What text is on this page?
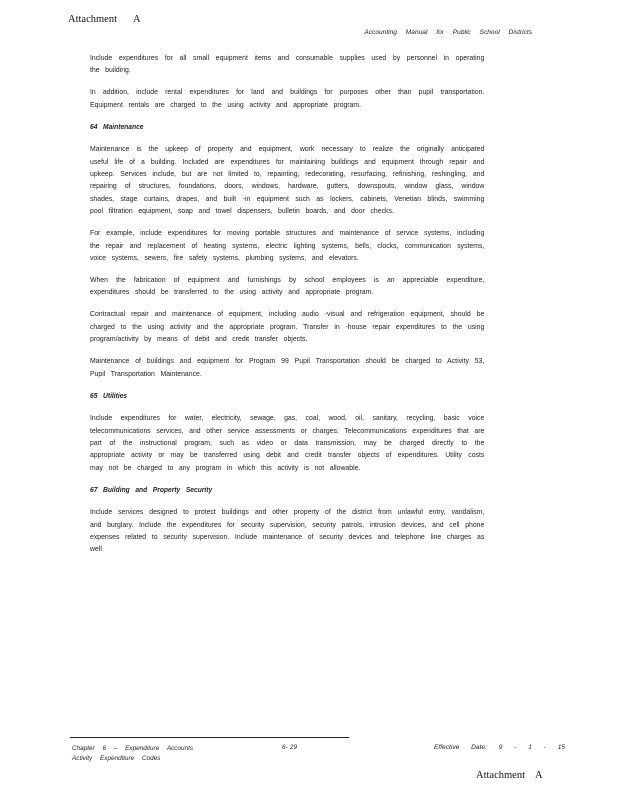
Attachment A
Accounting Manual for Public School Districts

Include expenditures for all small equipment items and consumable supplies used by personnel in operating the building.

In addition, include rental expenditures for land and buildings for purposes other than pupil transportation. Equipment rentals are charged to the using activity and appropriate program.

64 Maintenance

Maintenance is the upkeep of property and equipment, work necessary to realize the originally anticipated useful life of a building. Included are expenditures for maintaining buildings and equipment through repair and upkeep. Services include, but are not limited to, repainting, redecorating, resurfacing, refinishing, reshingling, and repairing of structures, foundations, doors, windows, hardware, gutters, downspouts, window glass, window shades, stage curtains, drapes, and built -in equipment such as lockers, cabinets, Venetian blinds, swimming pool filtration equipment, soap and towel dispensers, bulletin boards, and door checks.

For example, include expenditures for moving portable structures and maintenance of service systems, including the repair and replacement of heating systems, electric lighting systems, bells, clocks, communication systems, voice systems, sewers, fire safety systems, plumbing systems, and elevators.

When the fabrication of equipment and furnishings by school employees is an appreciable expenditure, expenditures should be transferred to the using activity and appropriate program.

Contractual repair and maintenance of equipment, including audio -visual and refrigeration equipment, should be charged to the using activity and the appropriate program. Transfer in -house repair expenditures to the using program/activity by means of debit and credit transfer objects.

Maintenance of buildings and equipment for Program 99 Pupil Transportation should be charged to Activity 53, Pupil Transportation Maintenance.

65 Utilities

Include expenditures for water, electricity, sewage, gas, coal, wood, oil, sanitary, recycling, basic voice telecommunications services, and other service assessments or charges. Telecommunications expenditures that are part of the instructional program, such as video or data transmission, may be charged directly to the appropriate activity or may be transferred using debit and credit transfer objects of expenditures. Utility costs may not be charged to any program in which this activity is not allowable.

67 Building and Property Security

Include services designed to protect buildings and other property of the district from unlawful entry, vandalism, and burglary. Include the expenditures for security supervision, security patrols, intrusion devices, and cell phone expenses related to security supervision. Include maintenance of security devices and telephone line charges as well

Chapter 6 – Expenditure Accounts
Activity Expenditure Codes
6- 29	Effective Date: 9 - 1 - 15
Attachment A
